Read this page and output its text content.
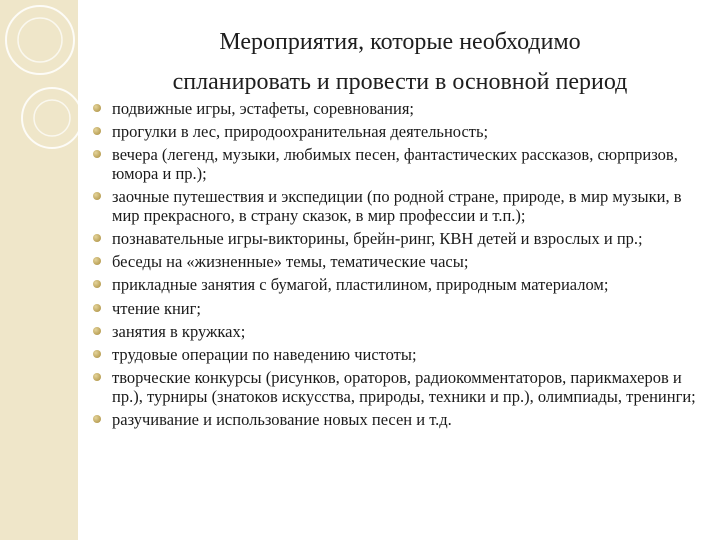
Мероприятия, которые необходимо
спланировать и провести в основной период
подвижные игры, эстафеты, соревнования;
прогулки в лес, природоохранительная деятельность;
вечера (легенд, музыки, любимых песен, фантастических рассказов, сюрпризов, юмора и пр.);
заочные путешествия и экспедиции (по родной стране, природе, в мир музыки, в мир прекрасного, в страну сказок, в мир профессии и т.п.);
познавательные игры-викторины, брейн-ринг, КВН детей и взрослых и пр.;
беседы на «жизненные» темы, тематические часы;
прикладные занятия с бумагой, пластилином, природным материалом;
чтение книг;
занятия в кружках;
трудовые операции по наведению чистоты;
творческие конкурсы (рисунков, ораторов, радиокомментаторов, парикмахеров и пр.), турниры (знатоков искусства, природы, техники и пр.), олимпиады, тренинги;
разучивание и использование новых песен и т.д.
